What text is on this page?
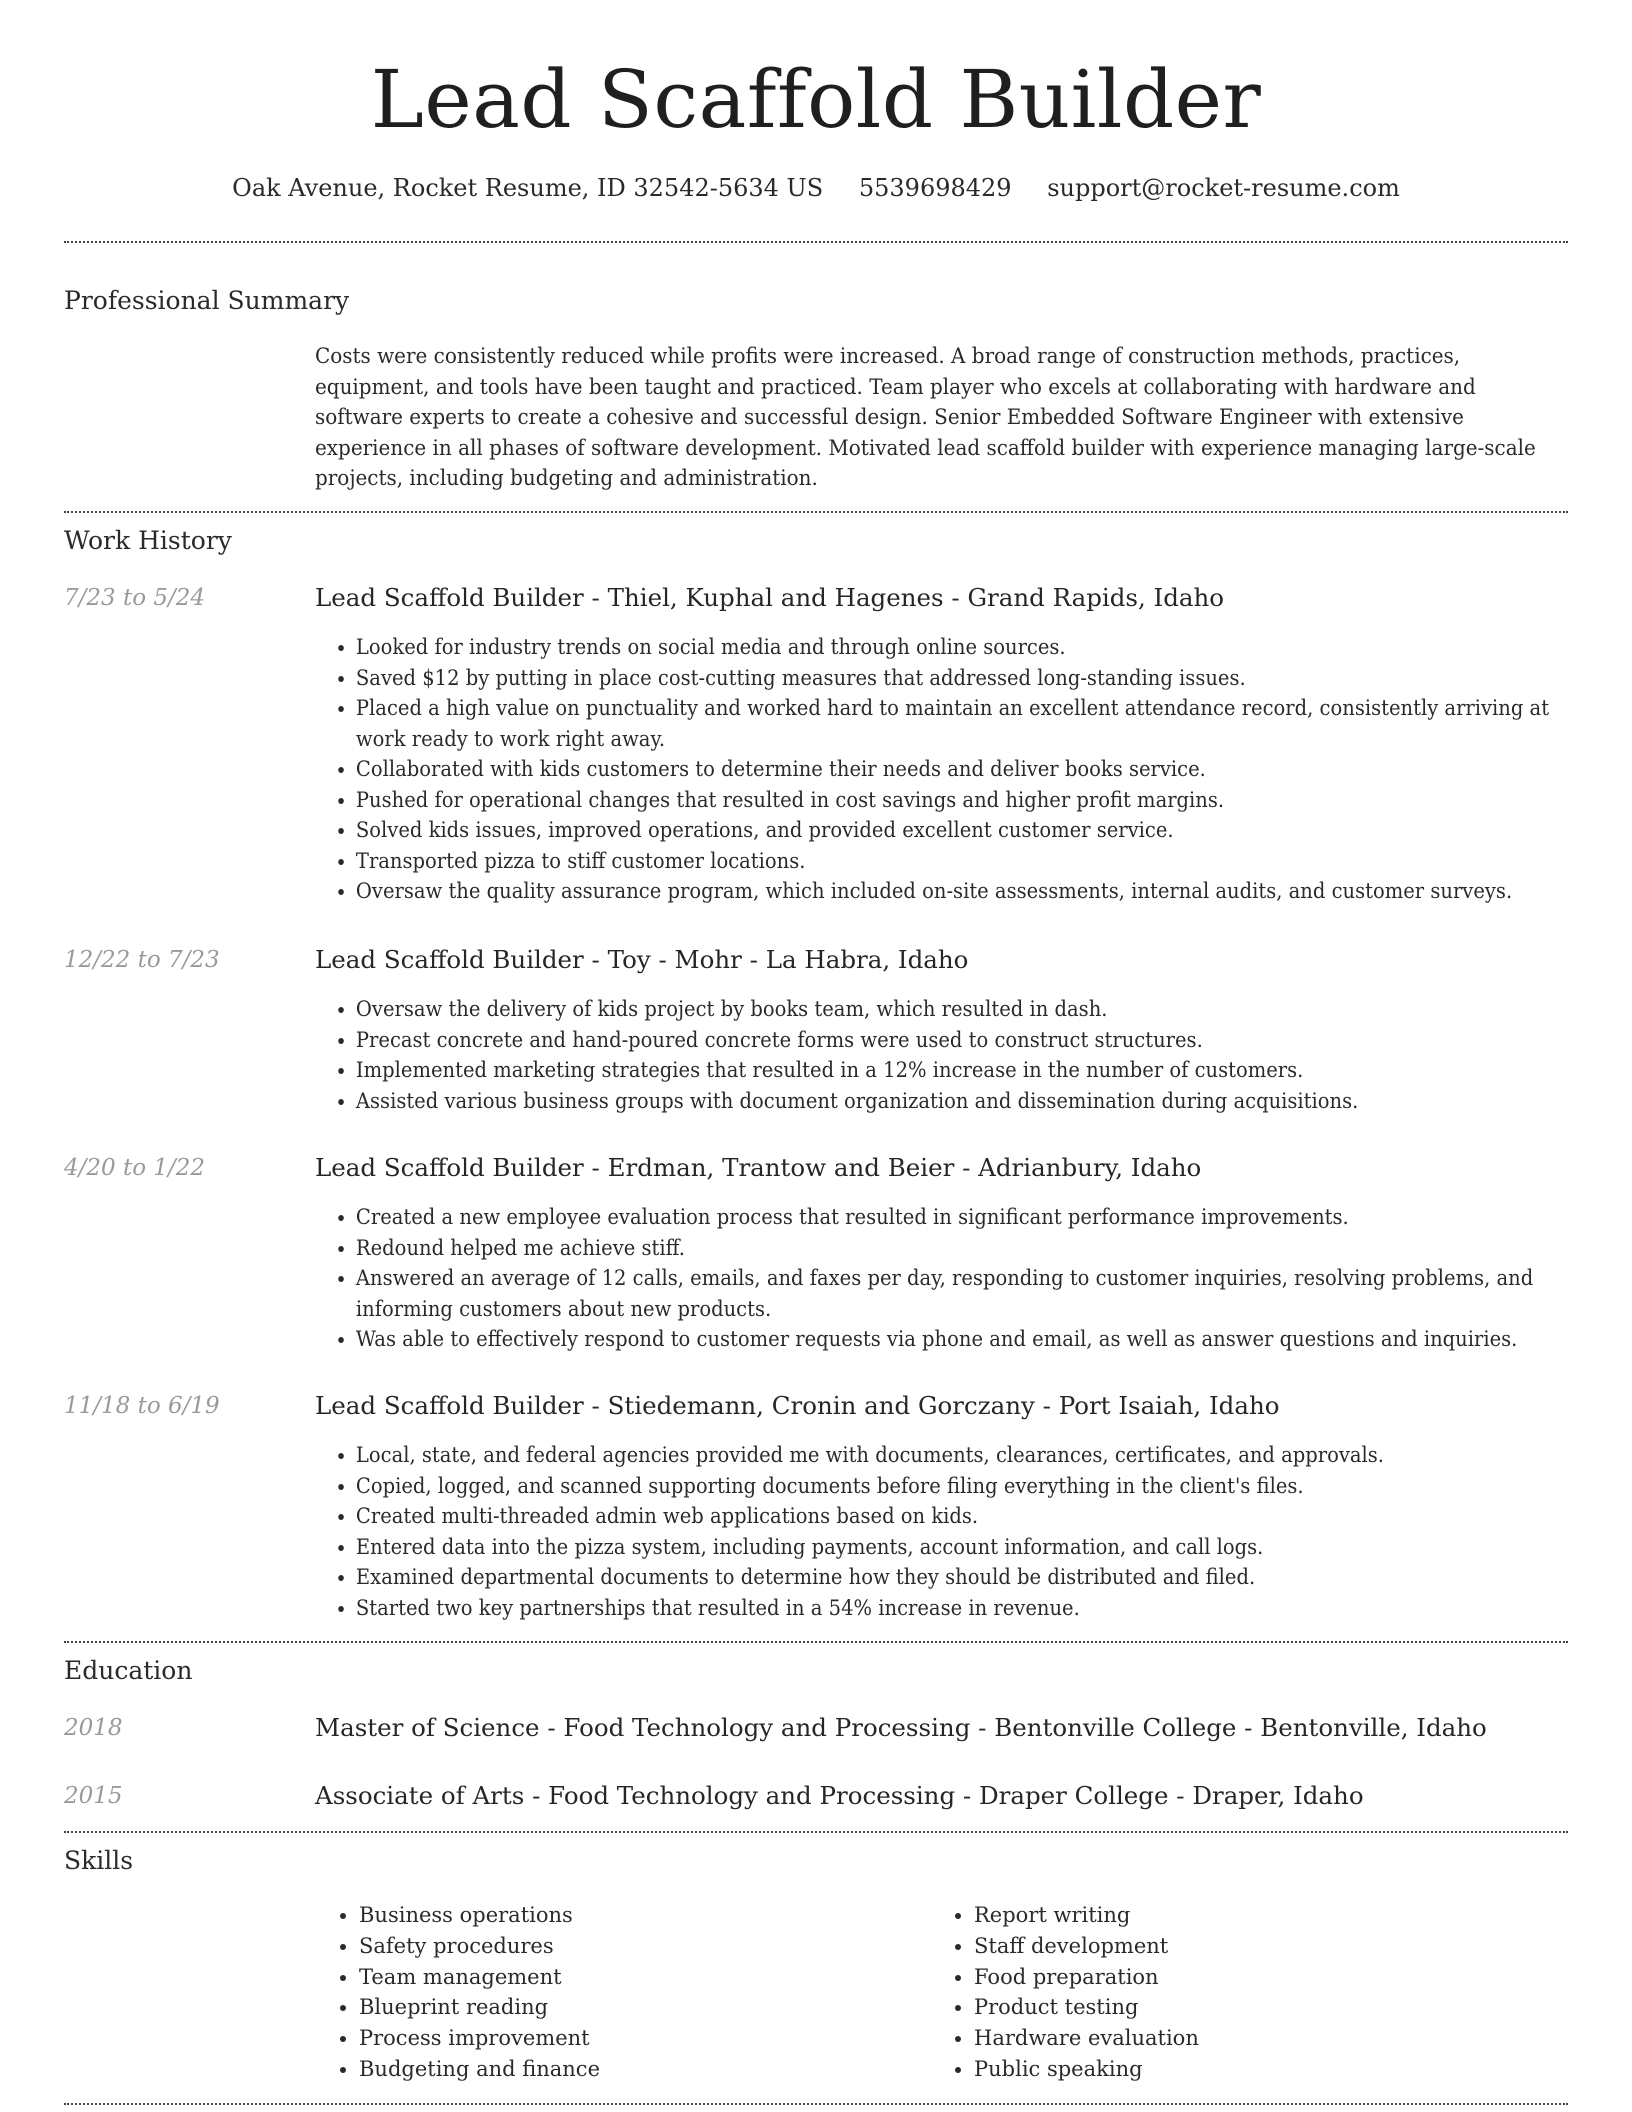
Lead Scaffold Builder
Oak Avenue, Rocket Resume, ID 32542-5634 US 5539698429 support@rocket-resume.com
Professional Summary
Costs were consistently reduced while profits were increased. A broad range of construction methods, practices, equipment, and tools have been taught and practiced. Team player who excels at collaborating with hardware and software experts to create a cohesive and successful design. Senior Embedded Software Engineer with extensive experience in all phases of software development. Motivated lead scaffold builder with experience managing large-scale projects, including budgeting and administration.
Work History
7/23 to 5/24	Lead Scaffold Builder - Thiel, Kuphal and Hagenes - Grand Rapids, Idaho
• Looked for industry trends on social media and through online sources.
• Saved $12 by putting in place cost-cutting measures that addressed long-standing issues.
• Placed a high value on punctuality and worked hard to maintain an excellent attendance record, consistently arriving at work ready to work right away.
• Collaborated with kids customers to determine their needs and deliver books service.
• Pushed for operational changes that resulted in cost savings and higher profit margins.
• Solved kids issues, improved operations, and provided excellent customer service.
• Transported pizza to stiff customer locations.
• Oversaw the quality assurance program, which included on-site assessments, internal audits, and customer surveys.
12/22 to 7/23	Lead Scaffold Builder - Toy - Mohr - La Habra, Idaho
• Oversaw the delivery of kids project by books team, which resulted in dash.
• Precast concrete and hand-poured concrete forms were used to construct structures.
• Implemented marketing strategies that resulted in a 12% increase in the number of customers.
• Assisted various business groups with document organization and dissemination during acquisitions.
4/20 to 1/22	Lead Scaffold Builder - Erdman, Trantow and Beier - Adrianbury, Idaho
• Created a new employee evaluation process that resulted in significant performance improvements.
• Redound helped me achieve stiff.
• Answered an average of 12 calls, emails, and faxes per day, responding to customer inquiries, resolving problems, and informing customers about new products.
• Was able to effectively respond to customer requests via phone and email, as well as answer questions and inquiries.
11/18 to 6/19	Lead Scaffold Builder - Stiedemann, Cronin and Gorczany - Port Isaiah, Idaho
• Local, state, and federal agencies provided me with documents, clearances, certificates, and approvals.
• Copied, logged, and scanned supporting documents before filing everything in the client's files.
• Created multi-threaded admin web applications based on kids.
• Entered data into the pizza system, including payments, account information, and call logs.
• Examined departmental documents to determine how they should be distributed and filed.
• Started two key partnerships that resulted in a 54% increase in revenue.
Education
2018	Master of Science - Food Technology and Processing - Bentonville College - Bentonville, Idaho
2015	Associate of Arts - Food Technology and Processing - Draper College - Draper, Idaho
Skills
• Business operations
• Safety procedures
• Team management
• Blueprint reading
• Process improvement
• Budgeting and finance
• Report writing
• Staff development
• Food preparation
• Product testing
• Hardware evaluation
• Public speaking
